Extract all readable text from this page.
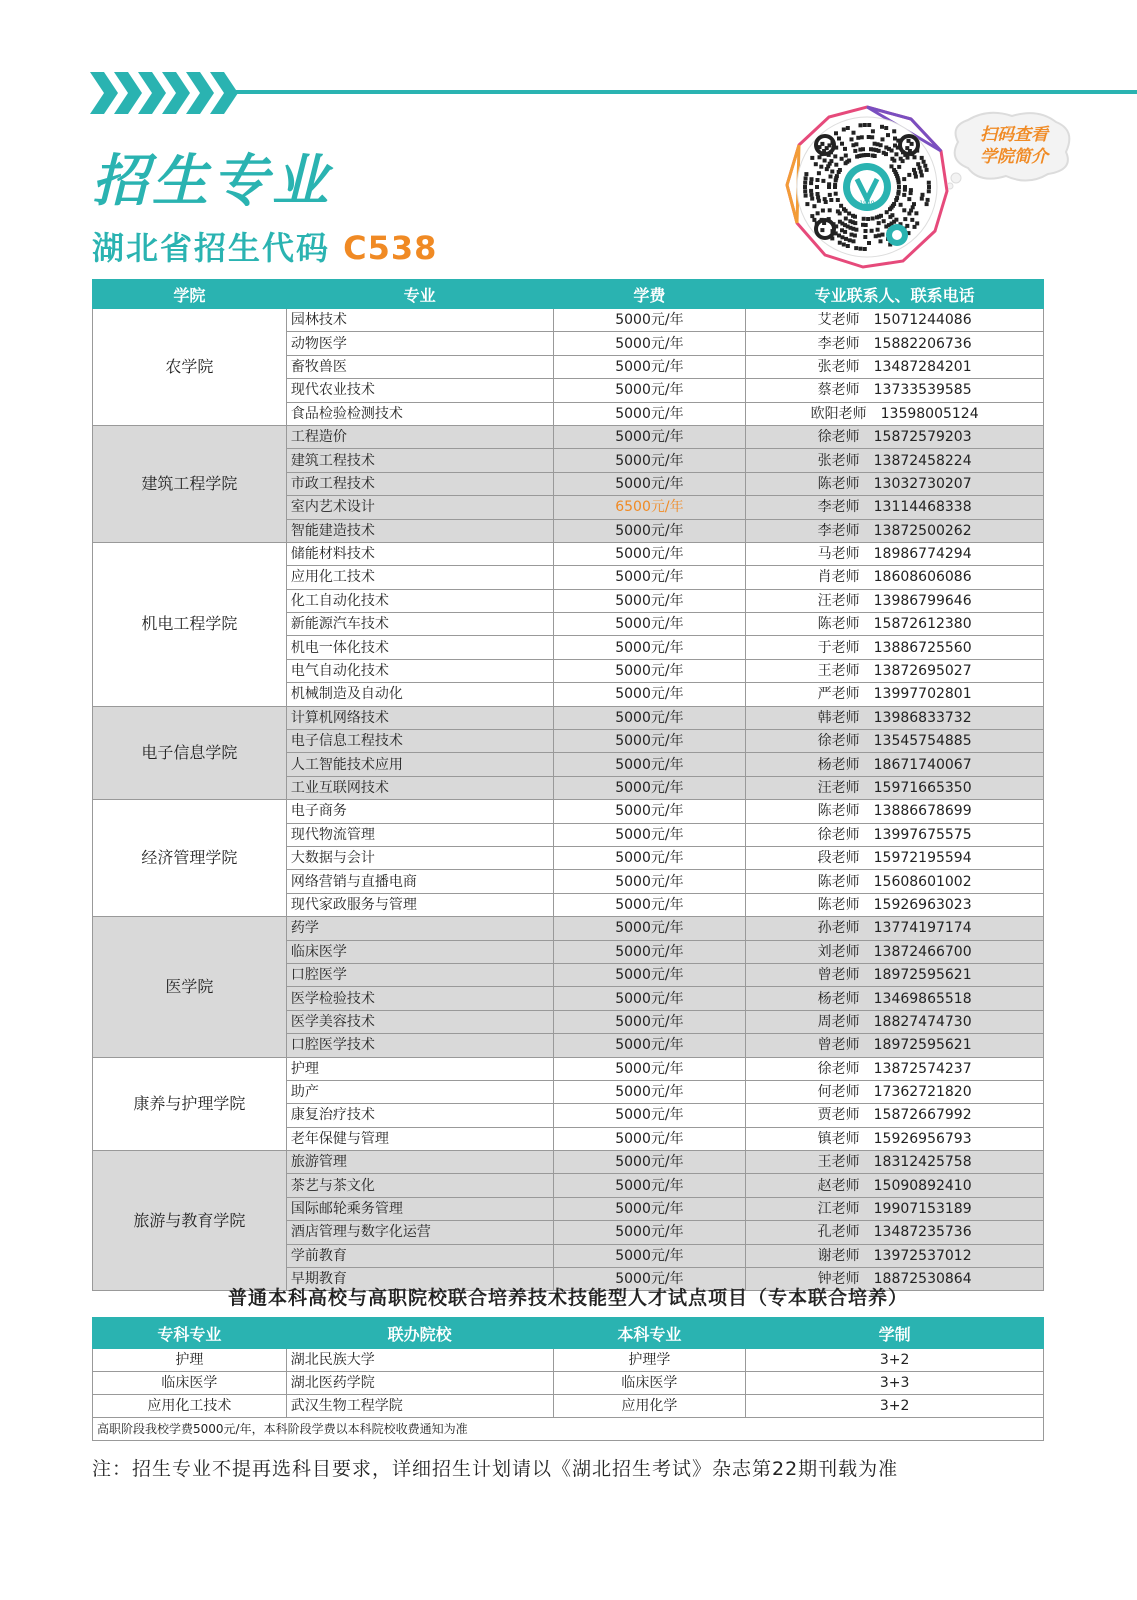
招生专业
湖北省招生代码 C538
1949
扫码查看
学院简介
学院	专业	学费	专业联系人、联系电话
农学院	园林技术	5000元/年	艾老师 15071244086
	动物医学	5000元/年	李老师 15882206736
	畜牧兽医	5000元/年	张老师 13487284201
	现代农业技术	5000元/年	蔡老师 13733539585
	食品检验检测技术	5000元/年	欧阳老师 13598005124
建筑工程学院	工程造价	5000元/年	徐老师 15872579203
	建筑工程技术	5000元/年	张老师 13872458224
	市政工程技术	5000元/年	陈老师 13032730207
	室内艺术设计	6500元/年	李老师 13114468338
	智能建造技术	5000元/年	李老师 13872500262
机电工程学院	储能材料技术	5000元/年	马老师 18986774294
	应用化工技术	5000元/年	肖老师 18608606086
	化工自动化技术	5000元/年	汪老师 13986799646
	新能源汽车技术	5000元/年	陈老师 15872612380
	机电一体化技术	5000元/年	于老师 13886725560
	电气自动化技术	5000元/年	王老师 13872695027
	机械制造及自动化	5000元/年	严老师 13997702801
电子信息学院	计算机网络技术	5000元/年	韩老师 13986833732
	电子信息工程技术	5000元/年	徐老师 13545754885
	人工智能技术应用	5000元/年	杨老师 18671740067
	工业互联网技术	5000元/年	汪老师 15971665350
经济管理学院	电子商务	5000元/年	陈老师 13886678699
	现代物流管理	5000元/年	徐老师 13997675575
	大数据与会计	5000元/年	段老师 15972195594
	网络营销与直播电商	5000元/年	陈老师 15608601002
	现代家政服务与管理	5000元/年	陈老师 15926963023
医学院	药学	5000元/年	孙老师 13774197174
	临床医学	5000元/年	刘老师 13872466700
	口腔医学	5000元/年	曾老师 18972595621
	医学检验技术	5000元/年	杨老师 13469865518
	医学美容技术	5000元/年	周老师 18827474730
	口腔医学技术	5000元/年	曾老师 18972595621
康养与护理学院	护理	5000元/年	徐老师 13872574237
	助产	5000元/年	何老师 17362721820
	康复治疗技术	5000元/年	贾老师 15872667992
	老年保健与管理	5000元/年	镇老师 15926956793
旅游与教育学院	旅游管理	5000元/年	王老师 18312425758
	茶艺与茶文化	5000元/年	赵老师 15090892410
	国际邮轮乘务管理	5000元/年	江老师 19907153189
	酒店管理与数字化运营	5000元/年	孔老师 13487235736
	学前教育	5000元/年	谢老师 13972537012
	早期教育	5000元/年	钟老师 18872530864
普通本科高校与高职院校联合培养技术技能型人才试点项目（专本联合培养）
专科专业	联办院校	本科专业	学制
护理	湖北民族大学	护理学	3+2
临床医学	湖北医药学院	临床医学	3+3
应用化工技术	武汉生物工程学院	应用化学	3+2
高职阶段我校学费5000元/年，本科阶段学费以本科院校收费通知为准			
注：招生专业不提再选科目要求，详细招生计划请以《湖北招生考试》杂志第22期刊载为准
